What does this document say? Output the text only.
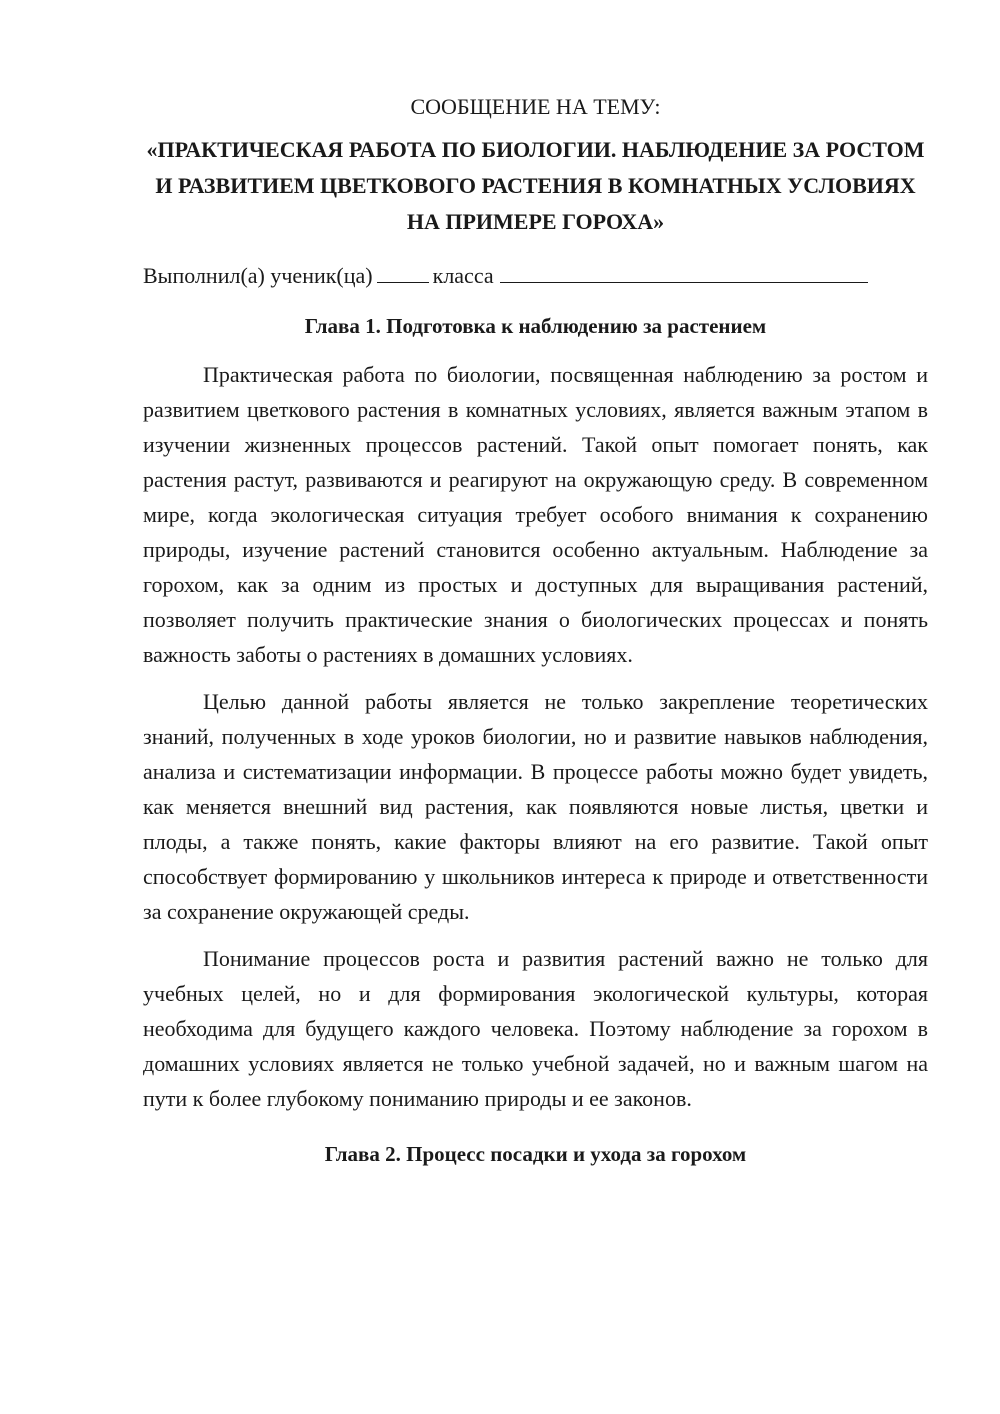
СООБЩЕНИЕ НА ТЕМУ:

«ПРАКТИЧЕСКАЯ РАБОТА ПО БИОЛОГИИ. НАБЛЮДЕНИЕ ЗА РОСТОМ И РАЗВИТИЕМ ЦВЕТКОВОГО РАСТЕНИЯ В КОМНАТНЫХ УСЛОВИЯХ НА ПРИМЕРЕ ГОРОХА»

Выполнил(а) ученик(ца)	класса

Глава 1. Подготовка к наблюдению за растением

Практическая работа по биологии, посвященная наблюдению за ростом и развитием цветкового растения в комнатных условиях, является важным этапом в изучении жизненных процессов растений. Такой опыт помогает понять, как растения растут, развиваются и реагируют на окружающую среду. В современном мире, когда экологическая ситуация требует особого внимания к сохранению природы, изучение растений становится особенно актуальным. Наблюдение за горохом, как за одним из простых и доступных для выращивания растений, позволяет получить практические знания о биологических процессах и понять важность заботы о растениях в домашних условиях.

Целью данной работы является не только закрепление теоретических знаний, полученных в ходе уроков биологии, но и развитие навыков наблюдения, анализа и систематизации информации. В процессе работы можно будет увидеть, как меняется внешний вид растения, как появляются новые листья, цветки и плоды, а также понять, какие факторы влияют на его развитие. Такой опыт способствует формированию у школьников интереса к природе и ответственности за сохранение окружающей среды.

Понимание процессов роста и развития растений важно не только для учебных целей, но и для формирования экологической культуры, которая необходима для будущего каждого человека. Поэтому наблюдение за горохом в домашних условиях является не только учебной задачей, но и важным шагом на пути к более глубокому пониманию природы и ее законов.

Глава 2. Процесс посадки и ухода за горохом
